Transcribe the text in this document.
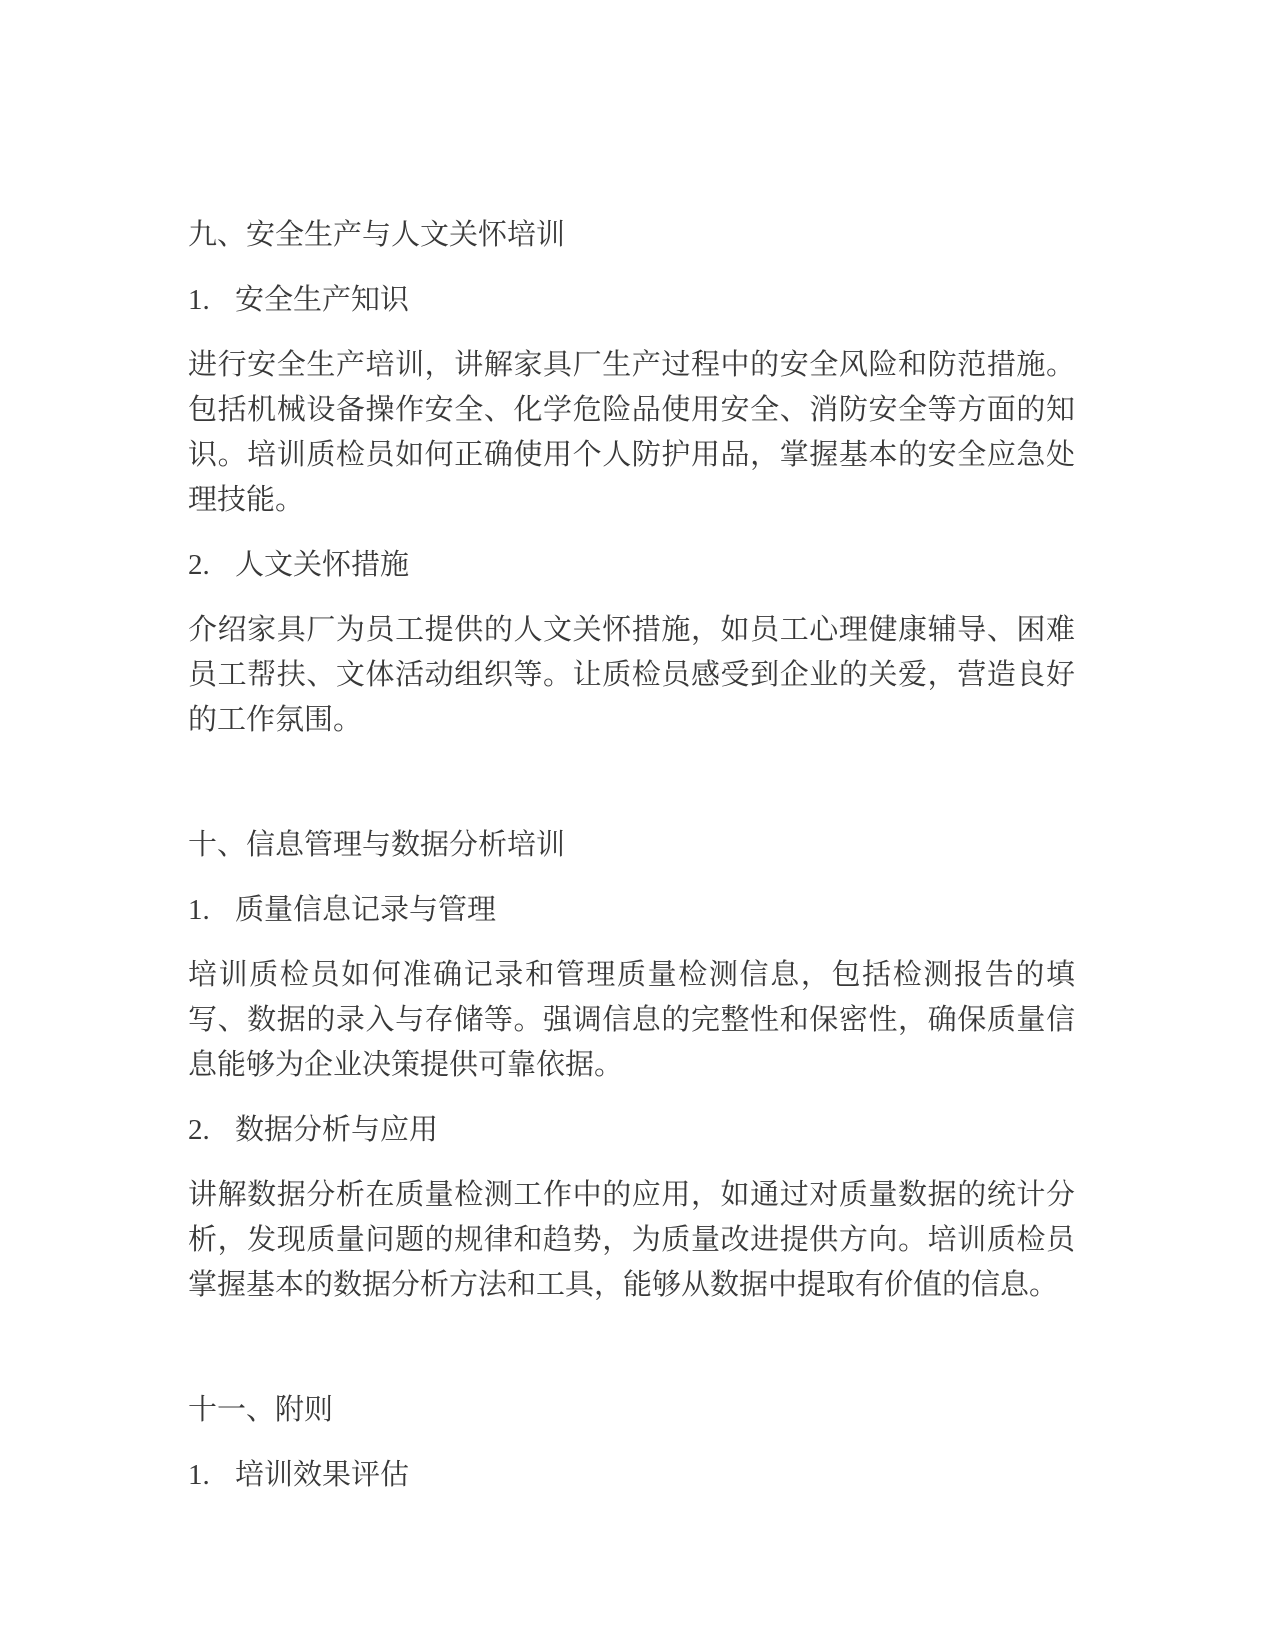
九、安全生产与人文关怀培训

1. 安全生产知识

进行安全生产培训，讲解家具厂生产过程中的安全风险和防范措施。包括机械设备操作安全、化学危险品使用安全、消防安全等方面的知识。培训质检员如何正确使用个人防护用品，掌握基本的安全应急处理技能。

2. 人文关怀措施

介绍家具厂为员工提供的人文关怀措施，如员工心理健康辅导、困难员工帮扶、文体活动组织等。让质检员感受到企业的关爱，营造良好的工作氛围。

十、信息管理与数据分析培训

1. 质量信息记录与管理

培训质检员如何准确记录和管理质量检测信息，包括检测报告的填写、数据的录入与存储等。强调信息的完整性和保密性，确保质量信息能够为企业决策提供可靠依据。

2. 数据分析与应用

讲解数据分析在质量检测工作中的应用，如通过对质量数据的统计分析，发现质量问题的规律和趋势，为质量改进提供方向。培训质检员掌握基本的数据分析方法和工具，能够从数据中提取有价值的信息。

十一、附则

1. 培训效果评估
